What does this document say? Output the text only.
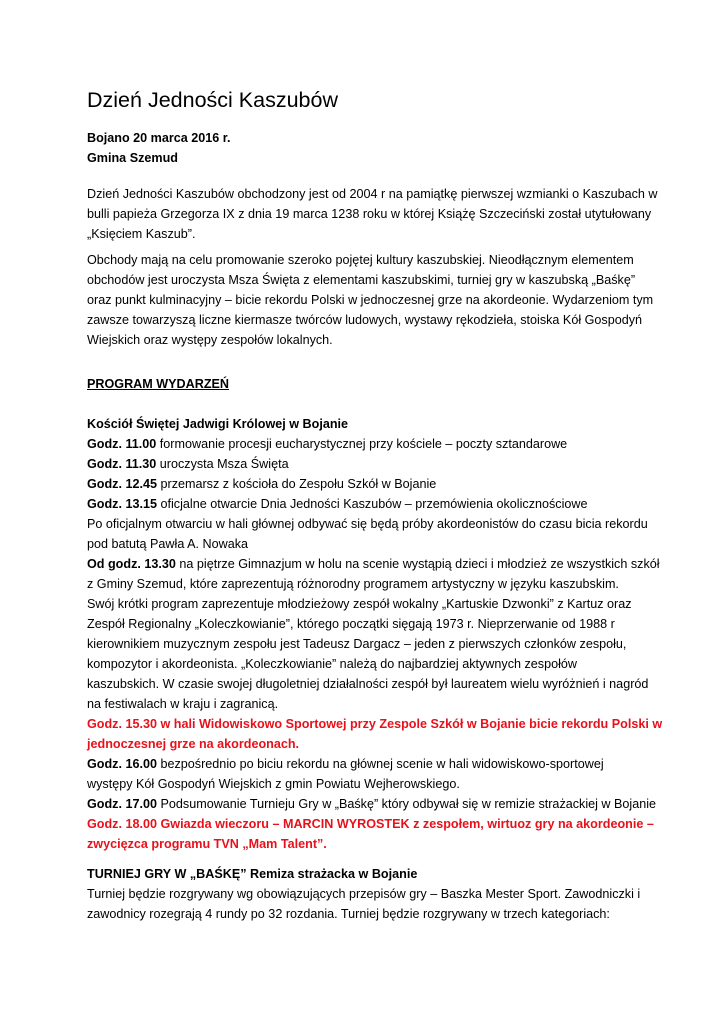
Dzień Jedności Kaszubów

Bojano 20 marca 2016 r.

Gmina Szemud

Dzień Jedności Kaszubów obchodzony jest od 2004 r na pamiątkę pierwszej wzmianki o Kaszubach w

bulli papieża Grzegorza IX z dnia 19 marca 1238 roku w której Książę Szczeciński został utytułowany

„Księciem Kaszub”.

Obchody mają na celu promowanie szeroko pojętej kultury kaszubskiej. Nieodłącznym elementem

obchodów jest uroczysta Msza Święta z elementami kaszubskimi, turniej gry w kaszubską „Baśkę”

oraz punkt kulminacyjny – bicie rekordu Polski w jednoczesnej grze na akordeonie. Wydarzeniom tym

zawsze towarzyszą liczne kiermasze twórców ludowych, wystawy rękodzieła, stoiska Kół Gospodyń

Wiejskich oraz występy zespołów lokalnych.

PROGRAM WYDARZEŃ

Kościół Świętej Jadwigi Królowej w Bojanie

Godz. 11.00 formowanie procesji eucharystycznej przy kościele – poczty sztandarowe

Godz. 11.30 uroczysta Msza Święta

Godz. 12.45 przemarsz z kościoła do Zespołu Szkół w Bojanie

Godz. 13.15 oficjalne otwarcie Dnia Jedności Kaszubów – przemówienia okolicznościowe

Po oficjalnym otwarciu w hali głównej odbywać się będą próby akordeonistów do czasu bicia rekordu

pod batutą Pawła A. Nowaka

Od godz. 13.30 na piętrze Gimnazjum w holu na scenie wystąpią dzieci i młodzież ze wszystkich szkół

z Gminy Szemud, które zaprezentują różnorodny programem artystyczny w języku kaszubskim.

Swój krótki program zaprezentuje młodzieżowy zespół wokalny „Kartuskie Dzwonki” z Kartuz oraz

Zespół Regionalny „Koleczkowianie”, którego początki sięgają 1973 r. Nieprzerwanie od 1988 r

kierownikiem muzycznym zespołu jest Tadeusz Dargacz – jeden z pierwszych członków zespołu,

kompozytor i akordeonista. „Koleczkowianie” należą do najbardziej aktywnych zespołów

kaszubskich. W czasie swojej długoletniej działalności zespół był laureatem wielu wyróżnień i nagród

na festiwalach w kraju i zagranicą.

Godz. 15.30 w hali Widowiskowo Sportowej przy Zespole Szkół w Bojanie bicie rekordu Polski w

jednoczesnej grze na akordeonach.

Godz. 16.00 bezpośrednio po biciu rekordu na głównej scenie w hali widowiskowo-sportowej

występy Kół Gospodyń Wiejskich z gmin Powiatu Wejherowskiego.

Godz. 17.00 Podsumowanie Turnieju Gry w „Baśkę” który odbywał się w remizie strażackiej w Bojanie

Godz. 18.00 Gwiazda wieczoru – MARCIN WYROSTEK z zespołem, wirtuoz gry na akordeonie –

zwycięzca programu TVN „Mam Talent”.

TURNIEJ GRY W „BAŚKĘ” Remiza strażacka w Bojanie

Turniej będzie rozgrywany wg obowiązujących przepisów gry – Baszka Mester Sport. Zawodniczki i

zawodnicy rozegrają 4 rundy po 32 rozdania. Turniej będzie rozgrywany w trzech kategoriach:
